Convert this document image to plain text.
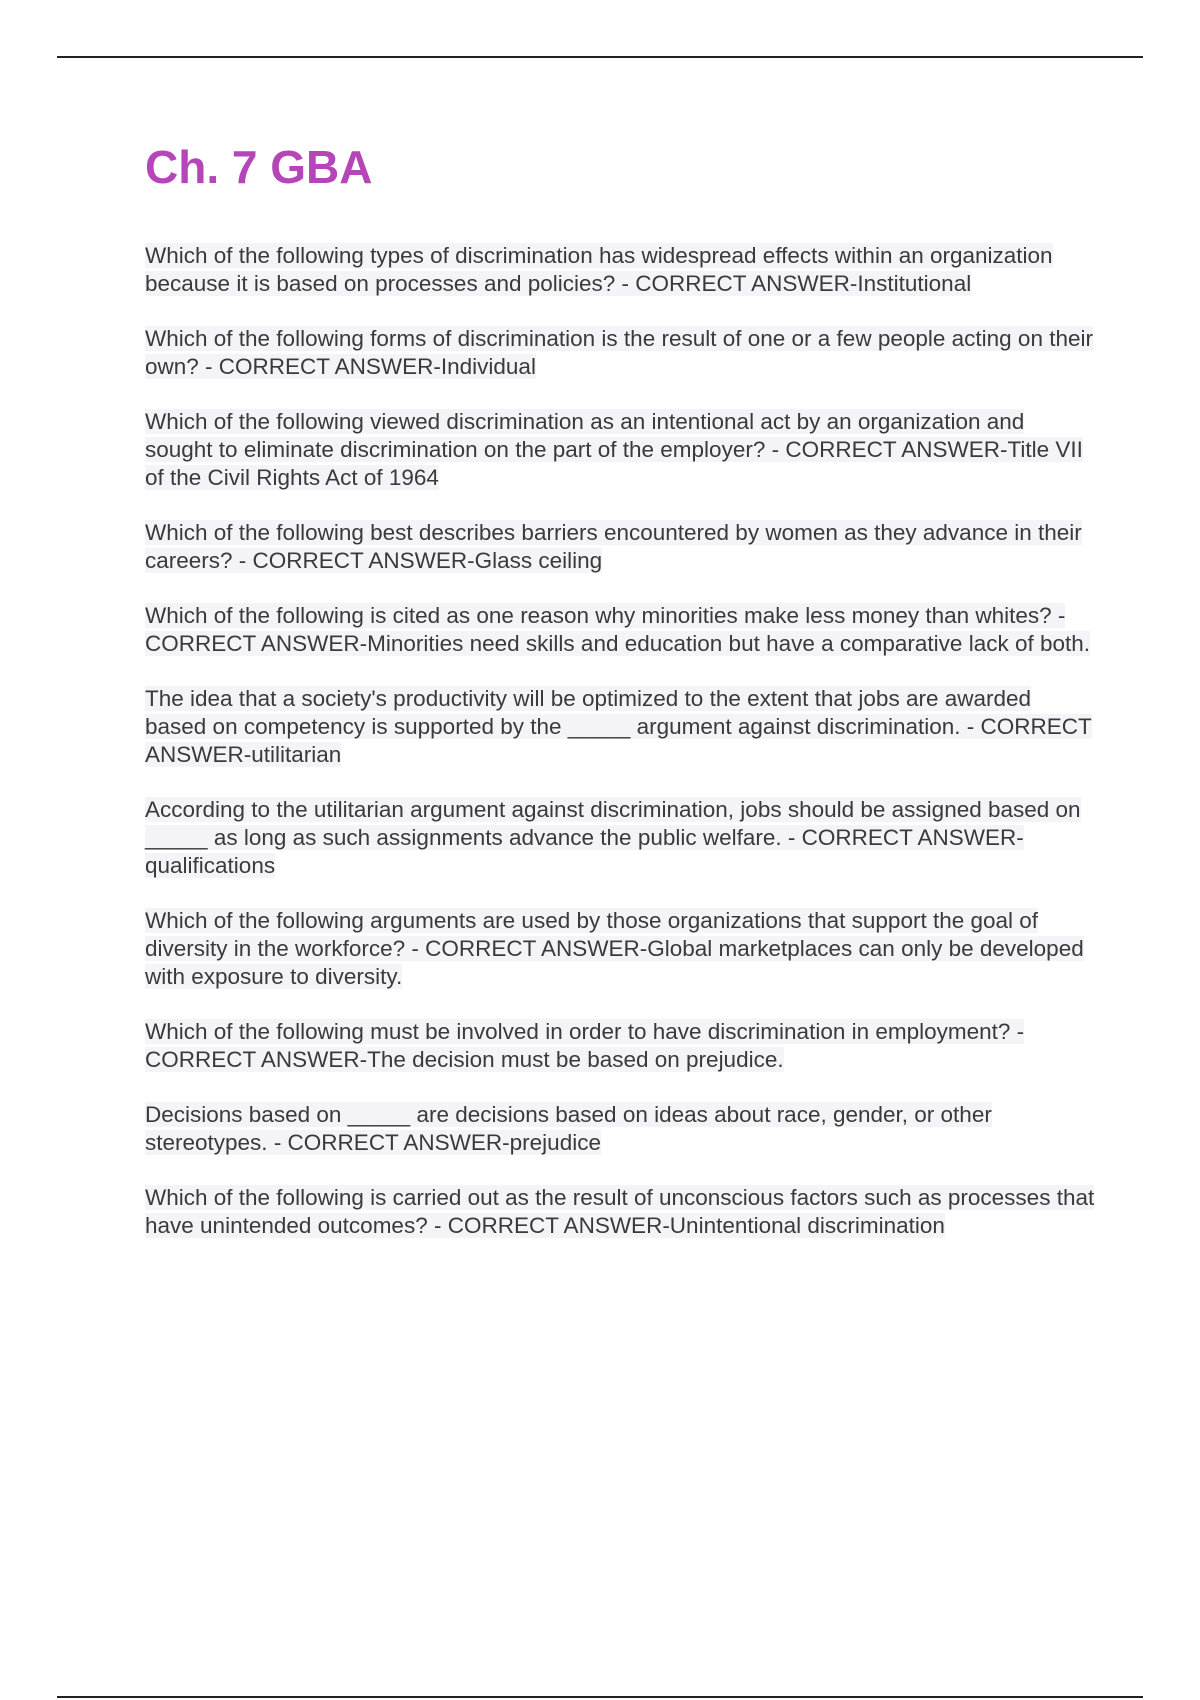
Ch. 7 GBA
Which of the following types of discrimination has widespread effects within an organization because it is based on processes and policies? - CORRECT ANSWER-Institutional
Which of the following forms of discrimination is the result of one or a few people acting on their own? - CORRECT ANSWER-Individual
Which of the following viewed discrimination as an intentional act by an organization and sought to eliminate discrimination on the part of the employer? - CORRECT ANSWER-Title VII of the Civil Rights Act of 1964
Which of the following best describes barriers encountered by women as they advance in their careers? - CORRECT ANSWER-Glass ceiling
Which of the following is cited as one reason why minorities make less money than whites? - CORRECT ANSWER-Minorities need skills and education but have a comparative lack of both.
The idea that a society's productivity will be optimized to the extent that jobs are awarded based on competency is supported by the _____ argument against discrimination. - CORRECT ANSWER-utilitarian
According to the utilitarian argument against discrimination, jobs should be assigned based on _____ as long as such assignments advance the public welfare. - CORRECT ANSWER-qualifications
Which of the following arguments are used by those organizations that support the goal of diversity in the workforce? - CORRECT ANSWER-Global marketplaces can only be developed with exposure to diversity.
Which of the following must be involved in order to have discrimination in employment? - CORRECT ANSWER-The decision must be based on prejudice.
Decisions based on _____ are decisions based on ideas about race, gender, or other stereotypes. - CORRECT ANSWER-prejudice
Which of the following is carried out as the result of unconscious factors such as processes that have unintended outcomes? - CORRECT ANSWER-Unintentional discrimination
